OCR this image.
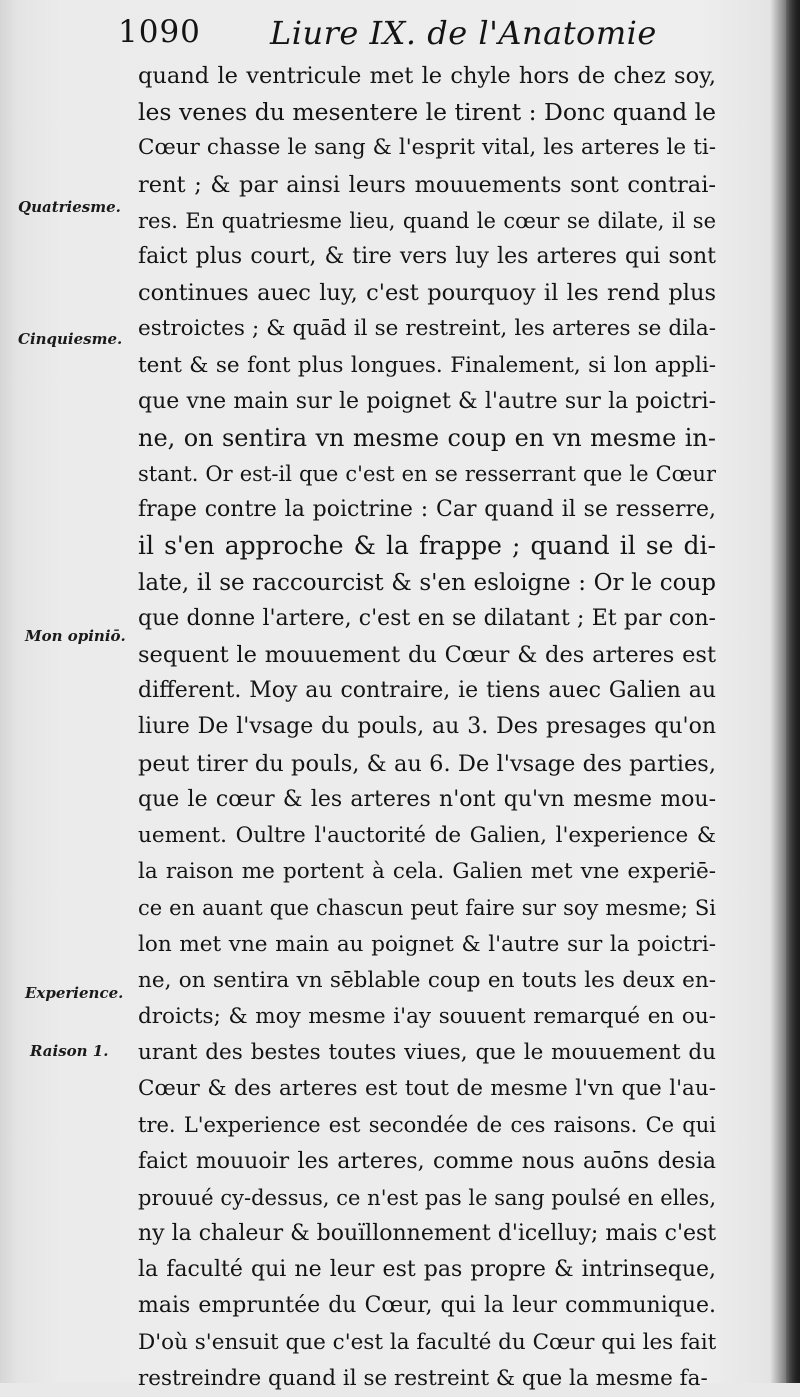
1090 Liure IX. de l'Anatomie
Quatriesme.
Cinquiesme.
Mon opiniō.
Experience.
Raison 1.
quand le ventricule met le chyle hors de chez soy,
les venes du mesentere le tirent : Donc quand le
Cœur chasse le sang & l'esprit vital, les arteres le ti-
rent ; & par ainsi leurs mouuements sont contrai-
res. En quatriesme lieu, quand le cœur se dilate, il se
faict plus court, & tire vers luy les arteres qui sont
continues auec luy, c'est pourquoy il les rend plus
estroictes ; & quād il se restreint, les arteres se dila-
tent & se font plus longues. Finalement, si lon appli-
que vne main sur le poignet & l'autre sur la poictri-
ne, on sentira vn mesme coup en vn mesme in-
stant. Or est-il que c'est en se resserrant que le Cœur
frape contre la poictrine : Car quand il se resserre,
il s'en approche & la frappe ; quand il se di-
late, il se raccourcist & s'en esloigne : Or le coup
que donne l'artere, c'est en se dilatant ; Et par con-
sequent le mouuement du Cœur & des arteres est
different. Moy au contraire, ie tiens auec Galien au
liure De l'vsage du pouls, au 3. Des presages qu'on
peut tirer du pouls, & au 6. De l'vsage des parties,
que le cœur & les arteres n'ont qu'vn mesme mou-
uement. Oultre l'auctorité de Galien, l'experience &
la raison me portent à cela. Galien met vne experiē-
ce en auant que chascun peut faire sur soy mesme; Si
lon met vne main au poignet & l'autre sur la poictri-
ne, on sentira vn sēblable coup en touts les deux en-
droicts; & moy mesme i'ay souuent remarqué en ou-
urant des bestes toutes viues, que le mouuement du
Cœur & des arteres est tout de mesme l'vn que l'au-
tre. L'experience est secondée de ces raisons. Ce qui
faict mouuoir les arteres, comme nous auōns desia
prouué cy-dessus, ce n'est pas le sang poulsé en elles,
ny la chaleur & bouïllonnement d'icelluy; mais c'est
la faculté qui ne leur est pas propre & intrinseque,
mais empruntée du Cœur, qui la leur communique.
D'où s'ensuit que c'est la faculté du Cœur qui les fait
restreindre quand il se restreint & que la mesme fa-
